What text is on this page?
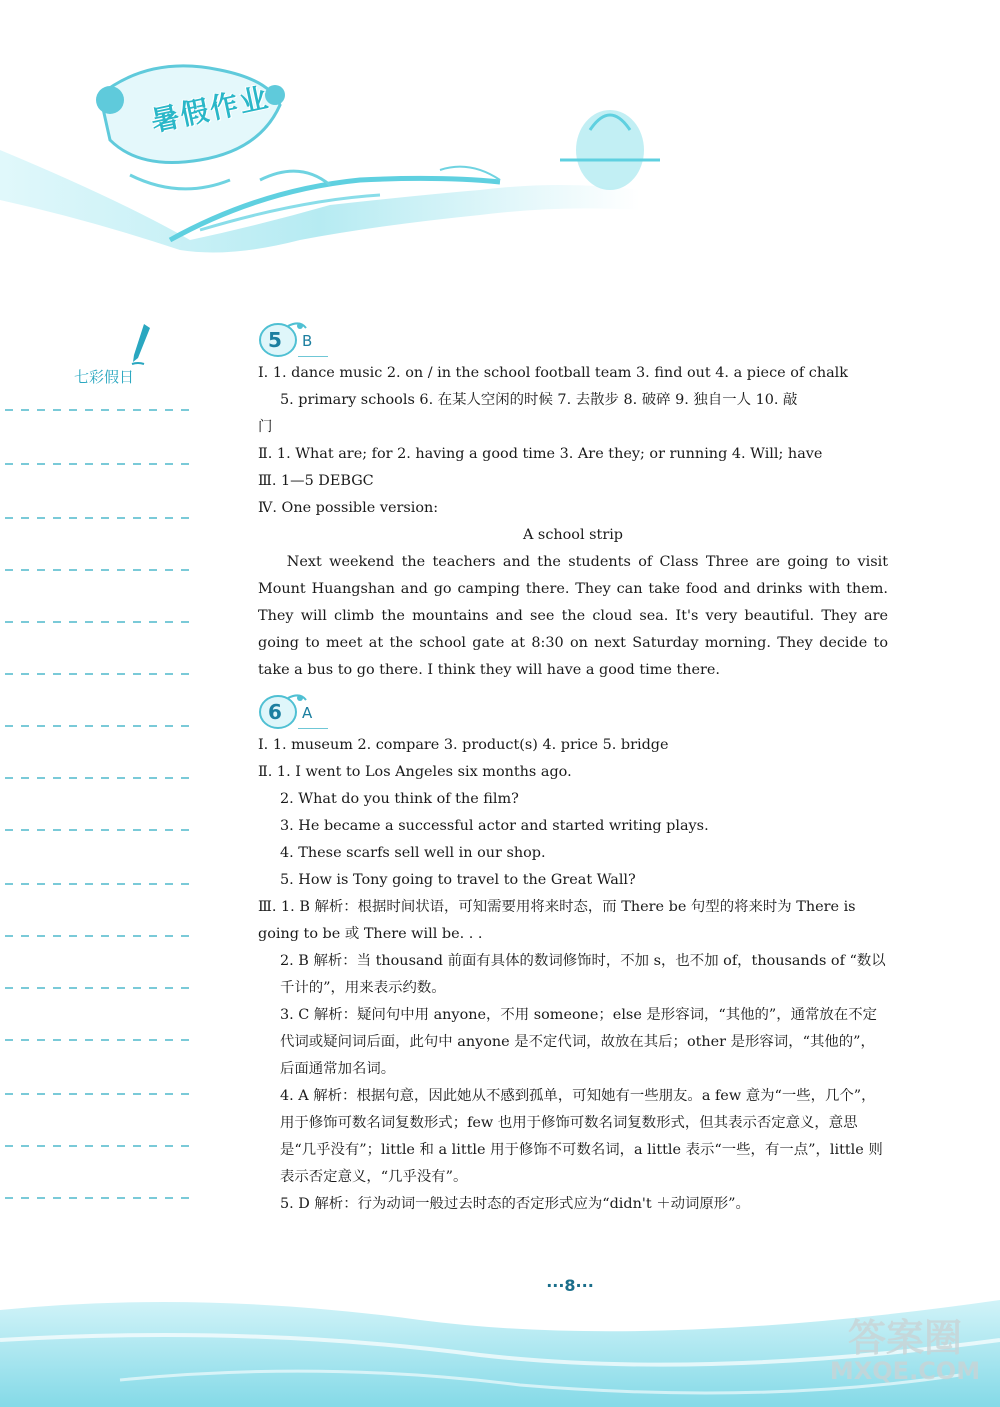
暑假作业
七彩假日
5 B
Ⅰ. 1. dance music 2. on / in the school football team 3. find out 4. a piece of chalk
5. primary schools 6. 在某人空闲的时候 7. 去散步 8. 破碎 9. 独自一人 10. 敲
门
Ⅱ. 1. What are; for 2. having a good time 3. Are they; or running 4. Will; have
Ⅲ. 1—5 DEBGC
Ⅳ. One possible version:
A school strip
Next weekend the teachers and the students of Class Three are going to visit Mount Huangshan and go camping there. They can take food and drinks with them. They will climb the mountains and see the cloud sea. It's very beautiful. They are going to meet at the school gate at 8:30 on next Saturday morning. They decide to take a bus to go there. I think they will have a good time there.
6 A
Ⅰ. 1. museum 2. compare 3. product(s) 4. price 5. bridge
Ⅱ. 1. I went to Los Angeles six months ago.
2. What do you think of the film?
3. He became a successful actor and started writing plays.
4. These scarfs sell well in our shop.
5. How is Tony going to travel to the Great Wall?
Ⅲ. 1. B 解析：根据时间状语，可知需要用将来时态，而 There be 句型的将来时为 There is going to be 或 There will be. . .
2. B 解析：当 thousand 前面有具体的数词修饰时，不加 s，也不加 of，thousands of “数以千计的”，用来表示约数。
3. C 解析：疑问句中用 anyone，不用 someone；else 是形容词，“其他的”，通常放在不定代词或疑问词后面，此句中 anyone 是不定代词，故放在其后；other 是形容词，“其他的”，后面通常加名词。
4. A 解析：根据句意，因此她从不感到孤单，可知她有一些朋友。a few 意为“一些，几个”，用于修饰可数名词复数形式；few 也用于修饰可数名词复数形式，但其表示否定意义，意思是“几乎没有”；little 和 a little 用于修饰不可数名词，a little 表示“一些，有一点”，little 则表示否定意义，“几乎没有”。
5. D 解析：行为动词一般过去时态的否定形式应为“didn't ＋动词原形”。
···8···
答案圈
MXQE.COM
